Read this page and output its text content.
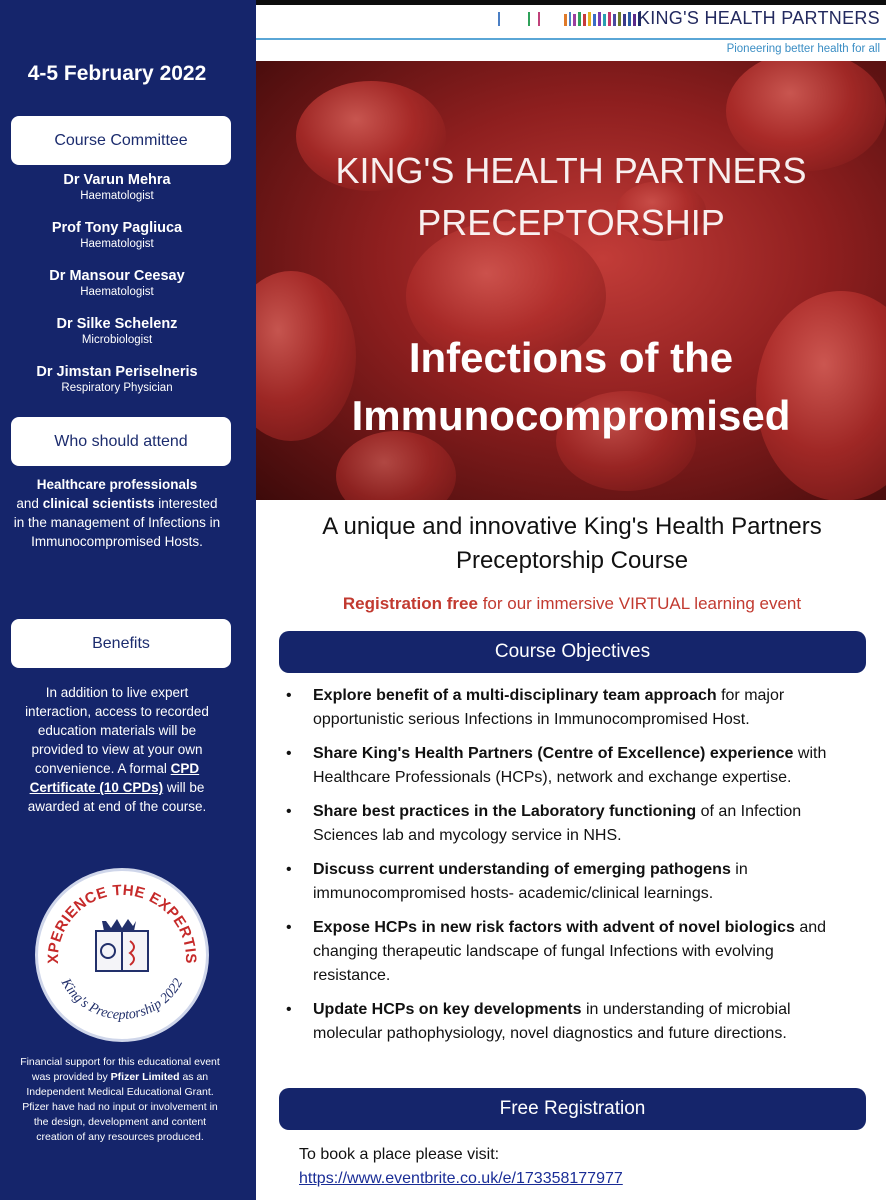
4-5 February 2022
Course Committee
Dr Varun Mehra
Haematologist
Prof Tony Pagliuca
Haematologist
Dr Mansour Ceesay
Haematologist
Dr Silke Schelenz
Microbiologist
Dr Jimstan Periselneris
Respiratory Physician
Who should attend
Healthcare professionals
and clinical scientists interested in the management of Infections in Immunocompromised Hosts.
Benefits
In addition to live expert interaction, access to recorded education materials will be provided to view at your own convenience. A formal CPD Certificate (10 CPDs) will be awarded at end of the course.
XPERIENCE THE EXPERTIS
King's Preceptorship 2022
Financial support for this educational event was provided by Pfizer Limited as an Independent Medical Educational Grant. Pfizer have had no input or involvement in the design, development and content creation of any resources produced.
KING'S HEALTH PARTNERS
Pioneering better health for all
KING'S HEALTH PARTNERS
PRECEPTORSHIP
Infections of the
Immunocompromised
A unique and innovative King's Health Partners
Preceptorship Course
Registration free for our immersive VIRTUAL learning event
Course Objectives
• Explore benefit of a multi-disciplinary team approach for major opportunistic serious Infections in Immunocompromised Host.
• Share King's Health Partners (Centre of Excellence) experience with Healthcare Professionals (HCPs), network and exchange expertise.
• Share best practices in the Laboratory functioning of an Infection Sciences lab and mycology service in NHS.
• Discuss current understanding of emerging pathogens in immunocompromised hosts- academic/clinical learnings.
• Expose HCPs in new risk factors with advent of novel biologics and changing therapeutic landscape of fungal Infections with evolving resistance.
• Update HCPs on key developments in understanding of microbial molecular pathophysiology, novel diagnostics and future directions.
Free Registration
To book a place please visit:
https://www.eventbrite.co.uk/e/173358177977
